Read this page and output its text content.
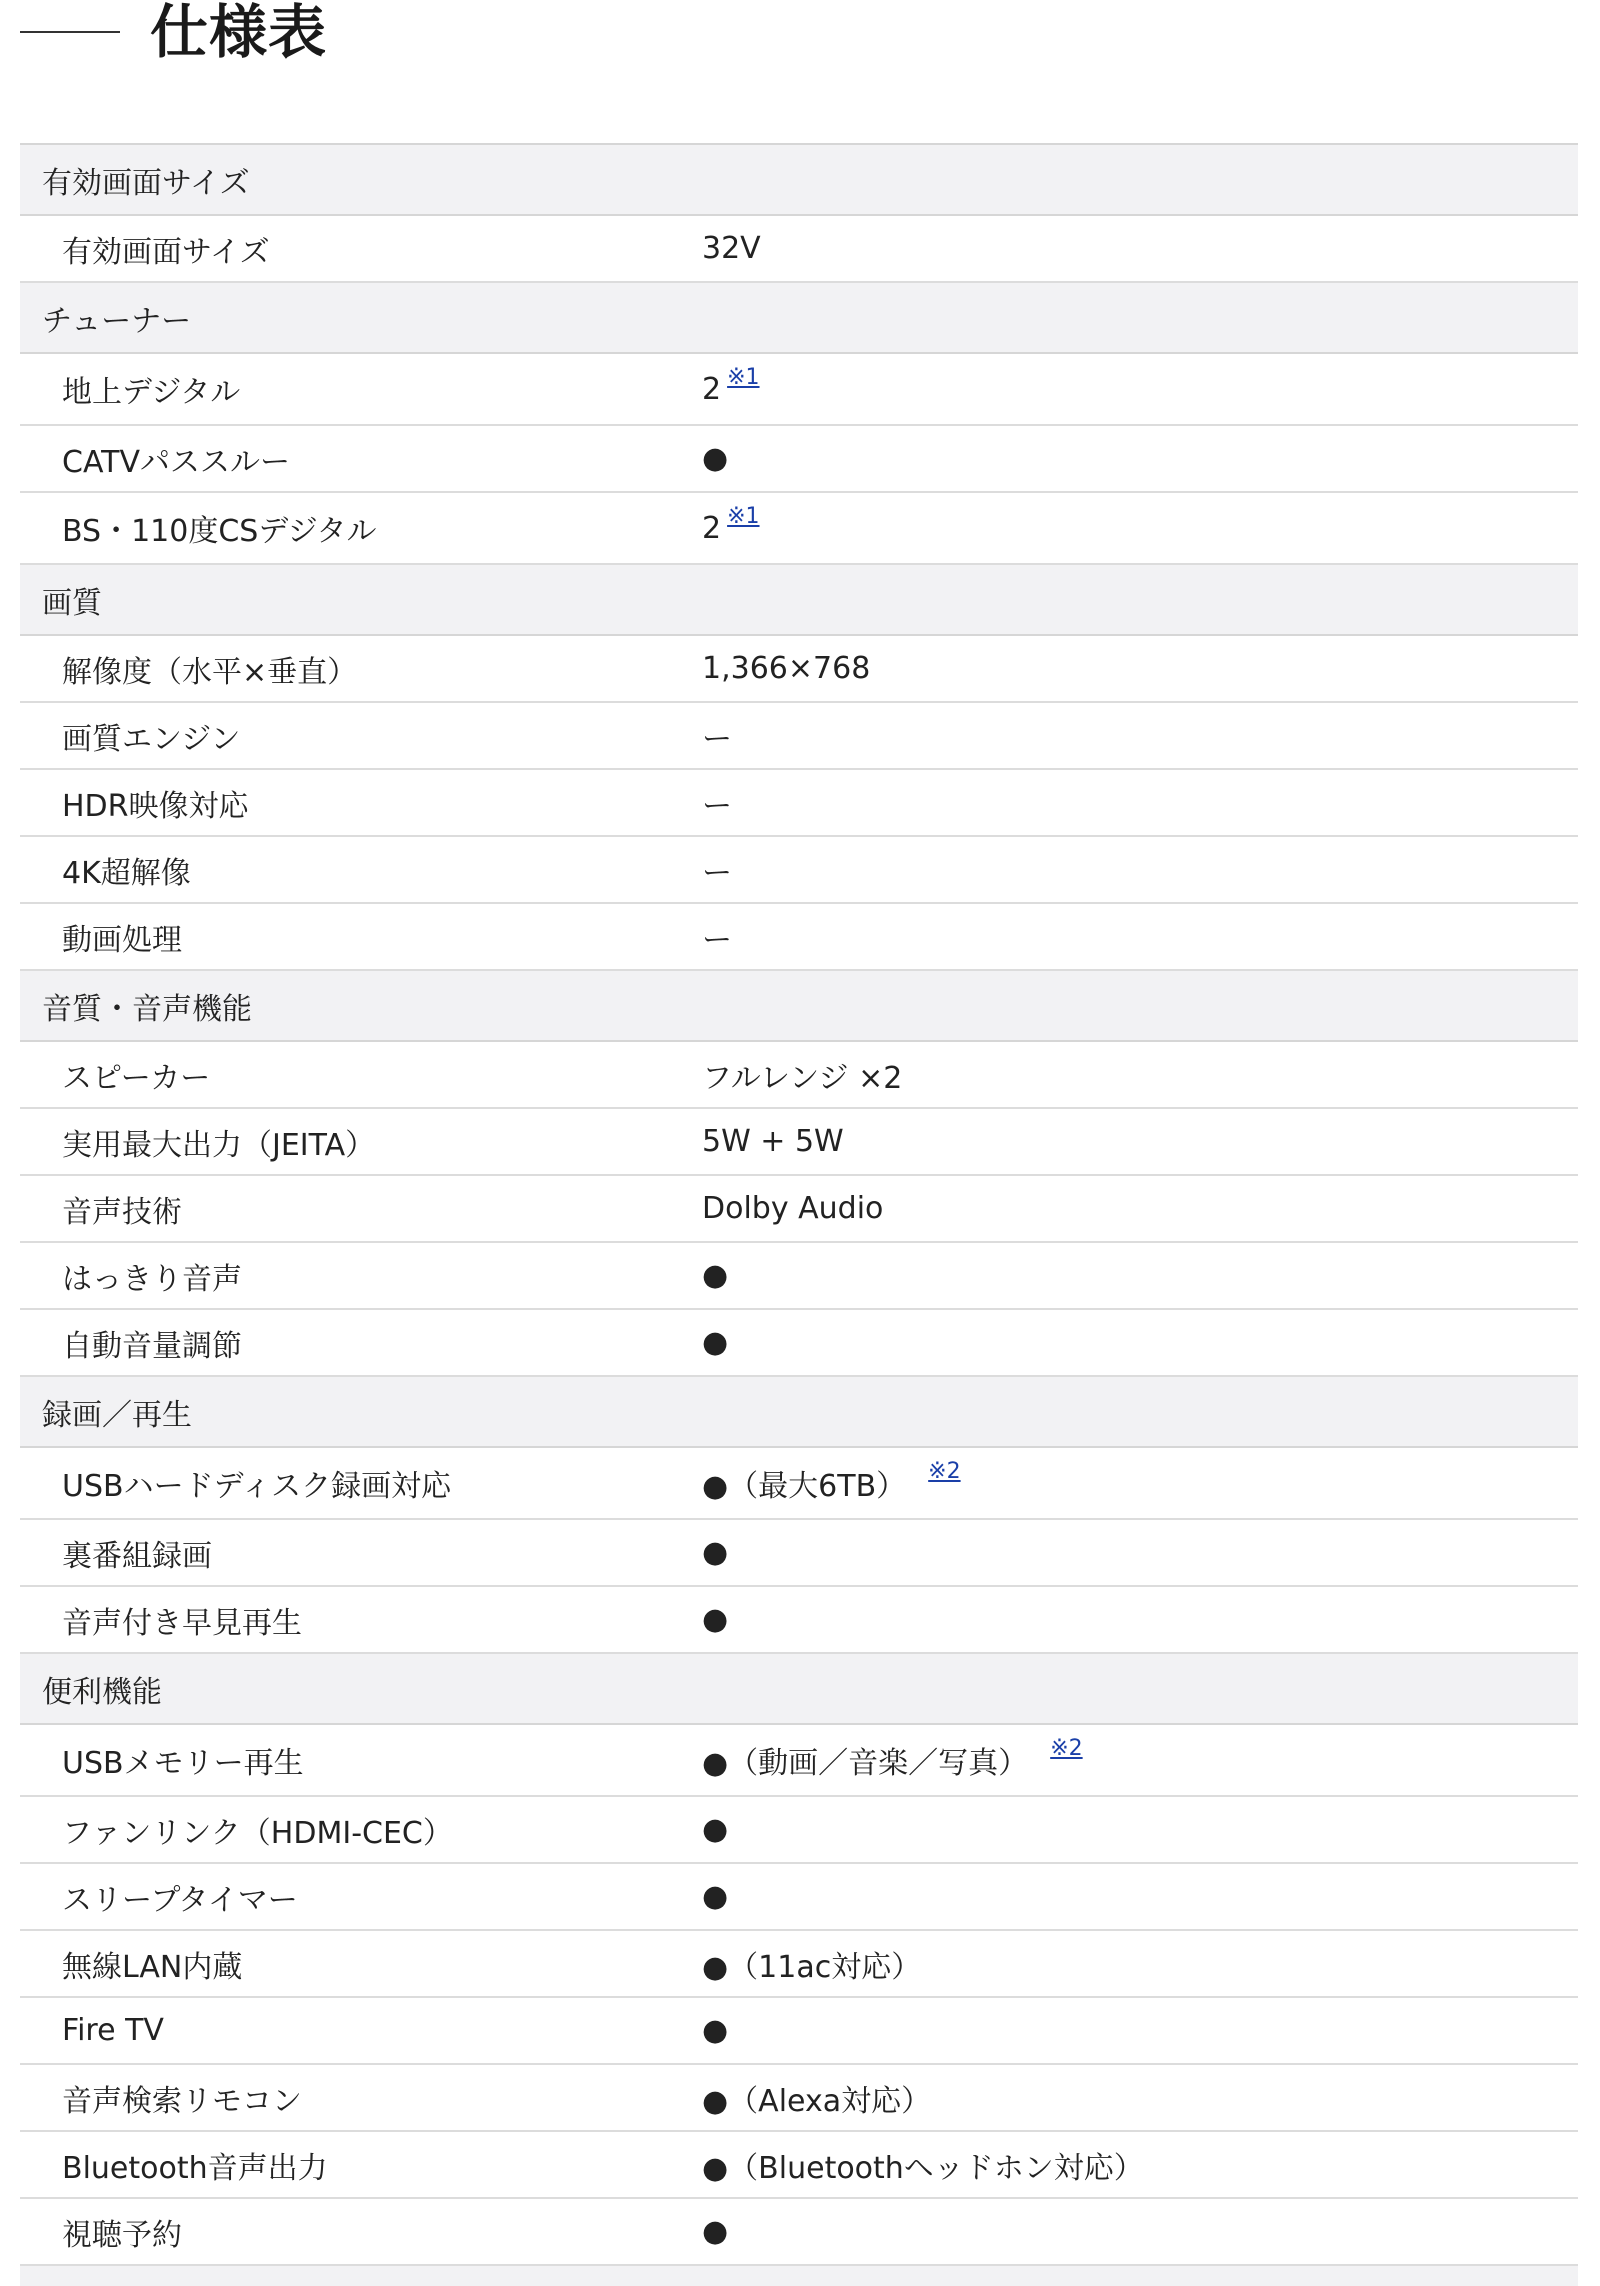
仕様表
有効画面サイズ
有効画面サイズ	32V
チューナー
地上デジタル	2 ※1
CATVパススルー	●
BS・110度CSデジタル	2 ※1
画質
解像度（水平×垂直）	1,366×768
画質エンジン	ー
HDR映像対応	ー
4K超解像	ー
動画処理	ー
音質・音声機能
スピーカー	フルレンジ ×2
実用最大出力（JEITA）	5W + 5W
音声技術	Dolby Audio
はっきり音声	●
自動音量調節	●
録画／再生
USBハードディスク録画対応	●（最大6TB） ※2
裏番組録画	●
音声付き早見再生	●
便利機能
USBメモリー再生	●（動画／音楽／写真） ※2
ファンリンク（HDMI-CEC）	●
スリープタイマー	●
無線LAN内蔵	●（11ac対応）
Fire TV	●
音声検索リモコン	●（Alexa対応）
Bluetooth音声出力	●（Bluetoothヘッドホン対応）
視聴予約	●
